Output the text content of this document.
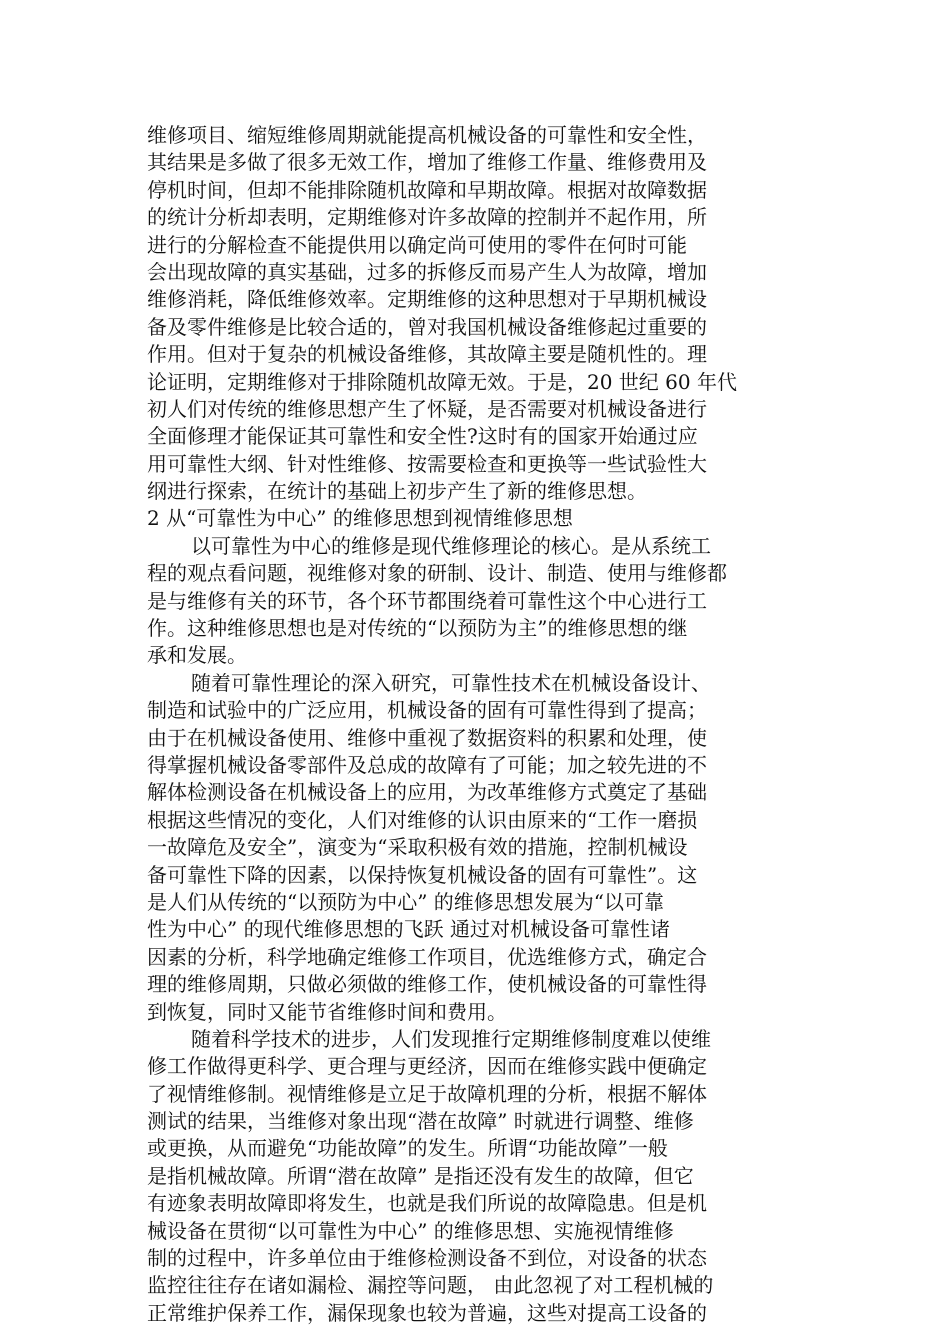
维修项目、缩短维修周期就能提高机械设备的可靠性和安全性，
其结果是多做了很多无效工作，增加了维修工作量、维修费用及
停机时间，但却不能排除随机故障和早期故障。根据对故障数据
的统计分析却表明，定期维修对许多故障的控制并不起作用，所
进行的分解检查不能提供用以确定尚可使用的零件在何时可能
会出现故障的真实基础，过多的拆修反而易产生人为故障，增加
维修消耗，降低维修效率。定期维修的这种思想对于早期机械设
备及零件维修是比较合适的，曾对我国机械设备维修起过重要的
作用。但对于复杂的机械设备维修，其故障主要是随机性的。理
论证明，定期维修对于排除随机故障无效。于是，20 世纪 60 年代
初人们对传统的维修思想产生了怀疑，是否需要对机械设备进行
全面修理才能保证其可靠性和安全性?这时有的国家开始通过应
用可靠性大纲、针对性维修、按需要检查和更换等一些试验性大
纲进行探索，在统计的基础上初步产生了新的维修思想。
2 从“可靠性为中心” 的维修思想到视情维修思想
以可靠性为中心的维修是现代维修理论的核心。是从系统工
程的观点看问题，视维修对象的研制、设计、制造、使用与维修都
是与维修有关的环节，各个环节都围绕着可靠性这个中心进行工
作。这种维修思想也是对传统的“以预防为主”的维修思想的继
承和发展。
随着可靠性理论的深入研究，可靠性技术在机械设备设计、
制造和试验中的广泛应用，机械设备的固有可靠性得到了提高；
由于在机械设备使用、维修中重视了数据资料的积累和处理，使
得掌握机械设备零部件及总成的故障有了可能；加之较先进的不
解体检测设备在机械设备上的应用，为改革维修方式奠定了基础
根据这些情况的变化，人们对维修的认识由原来的“工作一磨损
一故障危及安全”，演变为“采取积极有效的措施，控制机械设
备可靠性下降的因素，以保持恢复机械设备的固有可靠性”。这
是人们从传统的“以预防为中心” 的维修思想发展为“以可靠
性为中心” 的现代维修思想的飞跃 通过对机械设备可靠性诸
因素的分析，科学地确定维修工作项目，优选维修方式，确定合
理的维修周期，只做必须做的维修工作，使机械设备的可靠性得
到恢复，同时又能节省维修时间和费用。
随着科学技术的进步，人们发现推行定期维修制度难以使维
修工作做得更科学、更合理与更经济，因而在维修实践中便确定
了视情维修制。视情维修是立足于故障机理的分析，根据不解体
测试的结果，当维修对象出现“潜在故障” 时就进行调整、维修
或更换，从而避免“功能故障”的发生。所谓“功能故障”一般
是指机械故障。所谓“潜在故障” 是指还没有发生的故障，但它
有迹象表明故障即将发生，也就是我们所说的故障隐患。但是机
械设备在贯彻“以可靠性为中心” 的维修思想、实施视情维修
制的过程中，许多单位由于维修检测设备不到位，对设备的状态
监控往往存在诸如漏检、漏控等问题， 由此忽视了对工程机械的
正常维护保养工作，漏保现象也较为普遍，这些对提高工设备的
